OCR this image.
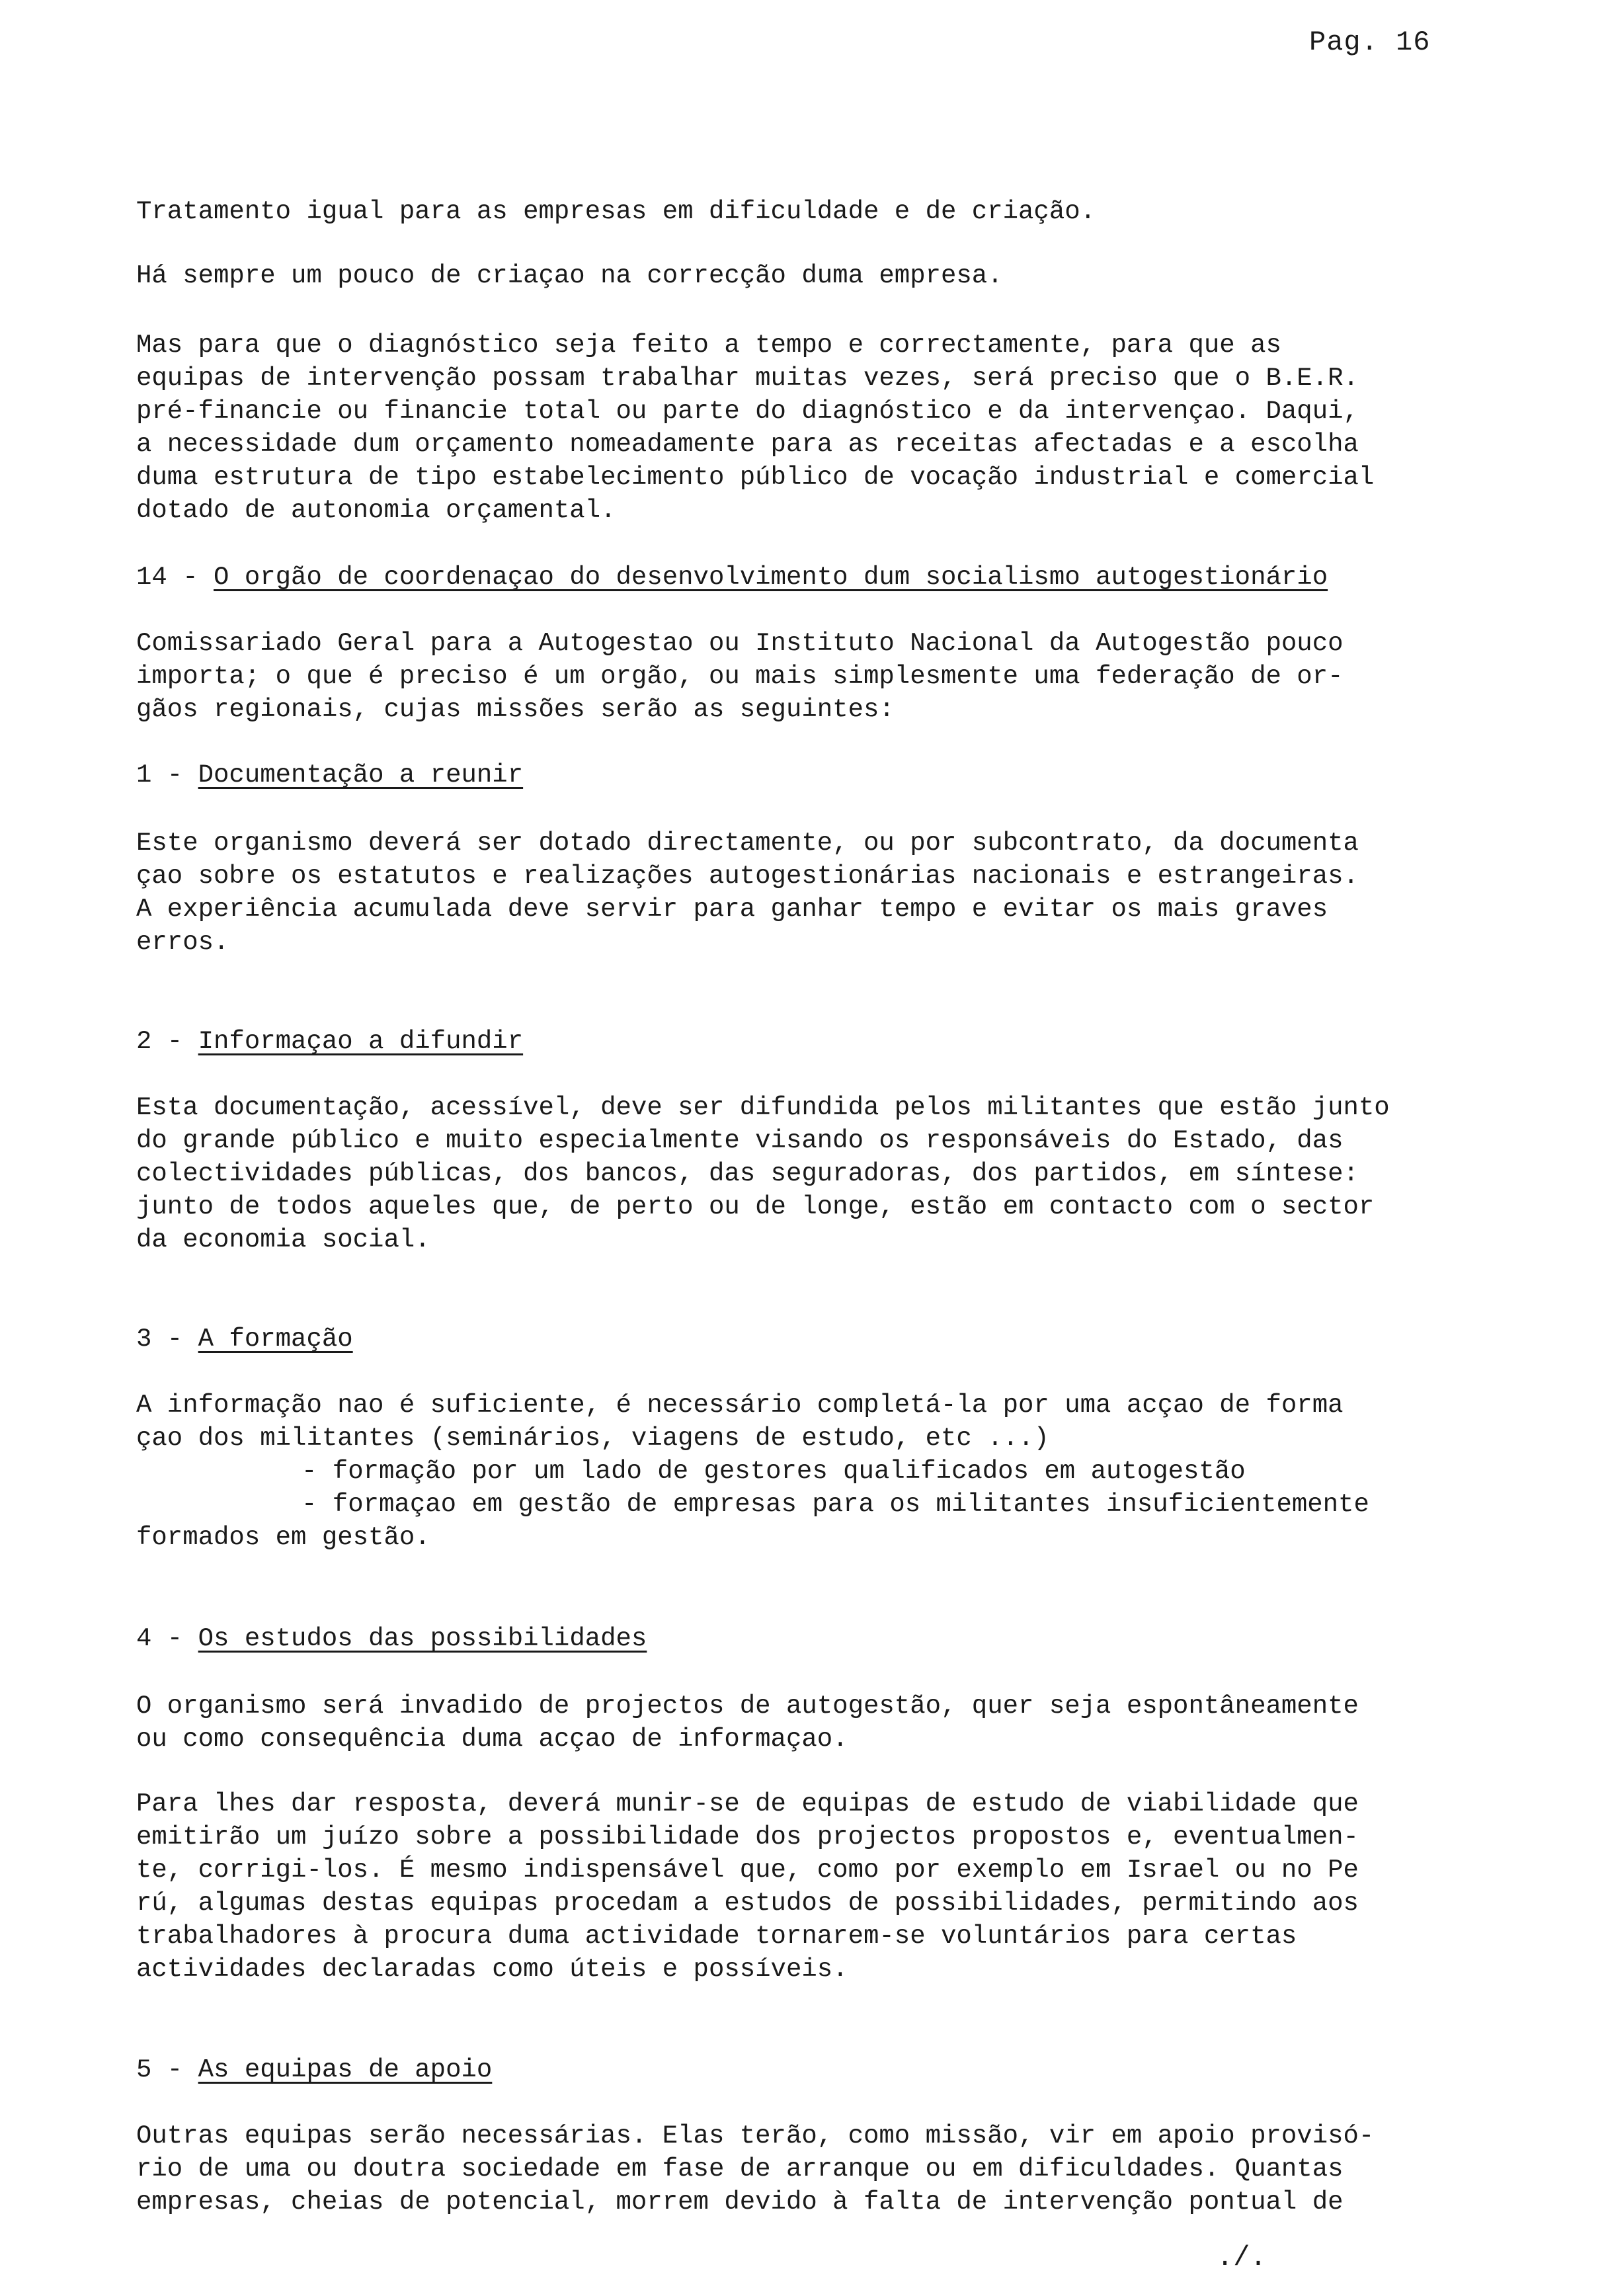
Pag. 16
Tratamento igual para as empresas em dificuldade e de criação.
Há sempre um pouco de criaçao na correcção duma empresa.
Mas para que o diagnóstico seja feito a tempo e correctamente, para que as
equipas de intervenção possam trabalhar muitas vezes, será preciso que o B.E.R.
pré-financie ou financie total ou parte do diagnóstico e da intervençao. Daqui,
a necessidade dum orçamento nomeadamente para as receitas afectadas e a escolha
duma estrutura de tipo estabelecimento público de vocação industrial e comercial
dotado de autonomia orçamental.
14 - O orgão de coordenaçao do desenvolvimento dum socialismo autogestionário
Comissariado Geral para a Autogestao ou Instituto Nacional da Autogestão pouco
importa; o que é preciso é um orgão, ou mais simplesmente uma federação de or-
gãos regionais, cujas missões serão as seguintes:
1 - Documentação a reunir
Este organismo deverá ser dotado directamente, ou por subcontrato, da documenta
çao sobre os estatutos e realizações autogestionárias nacionais e estrangeiras.
A experiência acumulada deve servir para ganhar tempo e evitar os mais graves
erros.
2 - Informaçao a difundir
Esta documentação, acessível, deve ser difundida pelos militantes que estão junto
do grande público e muito especialmente visando os responsáveis do Estado, das
colectividades públicas, dos bancos, das seguradoras, dos partidos, em síntese:
junto de todos aqueles que, de perto ou de longe, estão em contacto com o sector
da economia social.
3 - A formação
A informação nao é suficiente, é necessário completá-la por uma acçao de forma
çao dos militantes (seminários, viagens de estudo, etc ...)
- formação por um lado de gestores qualificados em autogestão
- formaçao em gestão de empresas para os militantes insuficientemente
formados em gestão.
4 - Os estudos das possibilidades
O organismo será invadido de projectos de autogestão, quer seja espontâneamente
ou como consequência duma acçao de informaçao.
Para lhes dar resposta, deverá munir-se de equipas de estudo de viabilidade que
emitirão um juízo sobre a possibilidade dos projectos propostos e, eventualmen-
te, corrigi-los. É mesmo indispensável que, como por exemplo em Israel ou no Pe
rú, algumas destas equipas procedam a estudos de possibilidades, permitindo aos
trabalhadores à procura duma actividade tornarem-se voluntários para certas
actividades declaradas como úteis e possíveis.
5 - As equipas de apoio
Outras equipas serão necessárias. Elas terão, como missão, vir em apoio provisó-
rio de uma ou doutra sociedade em fase de arranque ou em dificuldades. Quantas
empresas, cheias de potencial, morrem devido à falta de intervenção pontual de
./.
